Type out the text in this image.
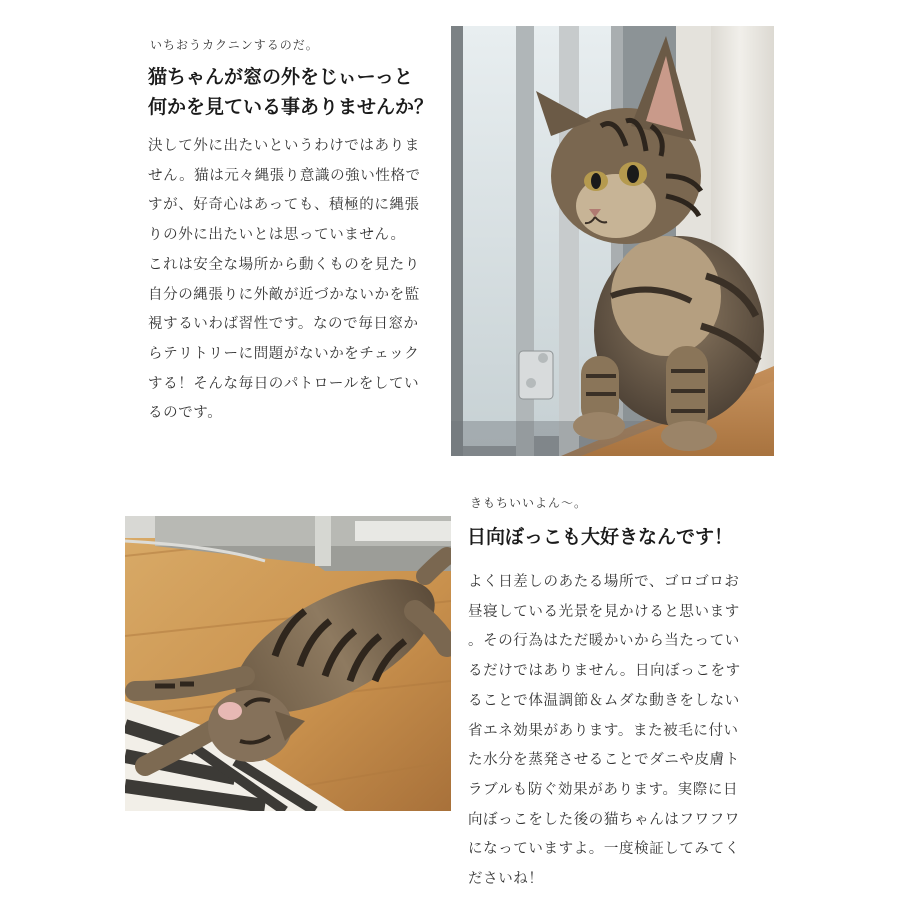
いちおうカクニンするのだ。
猫ちゃんが窓の外をじぃーっと
何かを見ている事ありませんか？
決して外に出たいというわけではありま
せん。猫は元々縄張り意識の強い性格で
すが、好奇心はあっても、積極的に縄張
りの外に出たいとは思っていません。
これは安全な場所から動くものを見たり
自分の縄張りに外敵が近づかないかを監
視するいわば習性です。なので毎日窓か
らテリトリーに問題がないかをチェック
する！そんな毎日のパトロールをしてい
るのです。
きもちいいよん〜。
日向ぼっこも大好きなんです！
よく日差しのあたる場所で、ゴロゴロお
昼寝している光景を見かけると思います
。その行為はただ暖かいから当たってい
るだけではありません。日向ぼっこをす
ることで体温調節＆ムダな動きをしない
省エネ効果があります。また被毛に付い
た水分を蒸発させることでダニや皮膚ト
ラブルも防ぐ効果があります。実際に日
向ぼっこをした後の猫ちゃんはフワフワ
になっていますよ。一度検証してみてく
ださいね！
